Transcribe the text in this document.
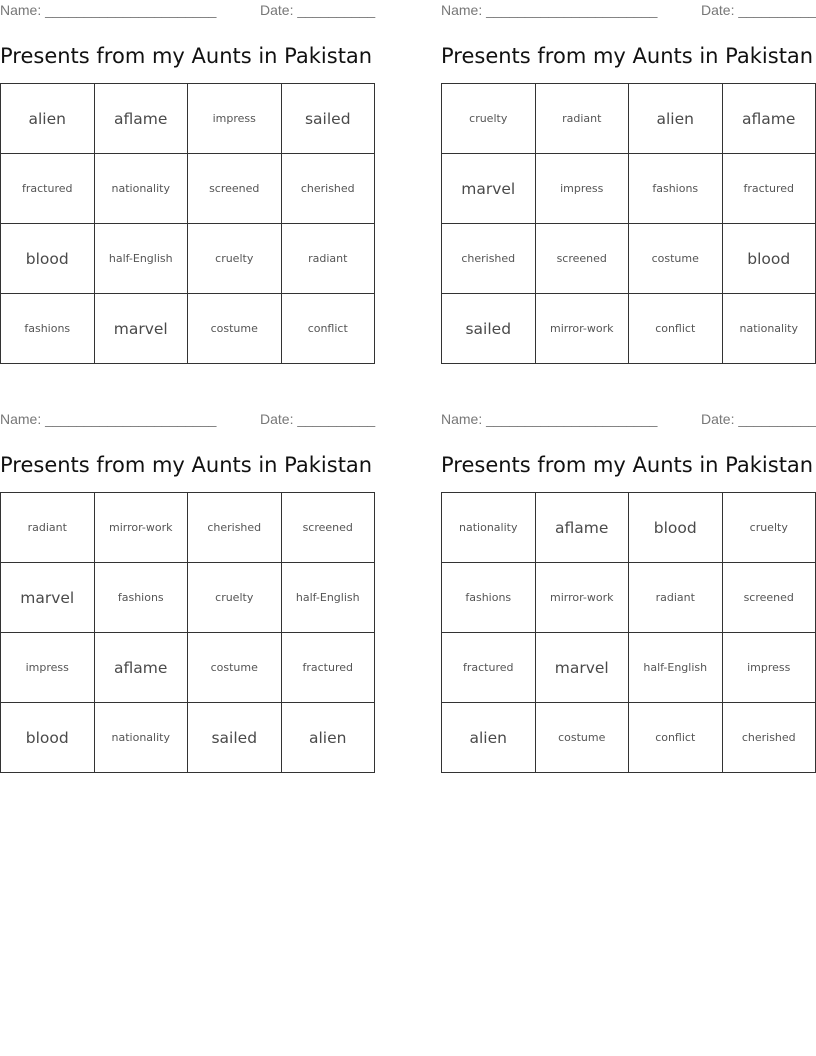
Name: ______________________	Date: __________
Presents from my Aunts in Pakistan
alien	aflame	impress	sailed
fractured	nationality	screened	cherished
blood	half-English	cruelty	radiant
fashions	marvel	costume	conflict
Name: ______________________	Date: __________
Presents from my Aunts in Pakistan
cruelty	radiant	alien	aflame
marvel	impress	fashions	fractured
cherished	screened	costume	blood
sailed	mirror-work	conflict	nationality
Name: ______________________	Date: __________
Presents from my Aunts in Pakistan
radiant	mirror-work	cherished	screened
marvel	fashions	cruelty	half-English
impress	aflame	costume	fractured
blood	nationality	sailed	alien
Name: ______________________	Date: __________
Presents from my Aunts in Pakistan
nationality	aflame	blood	cruelty
fashions	mirror-work	radiant	screened
fractured	marvel	half-English	impress
alien	costume	conflict	cherished
